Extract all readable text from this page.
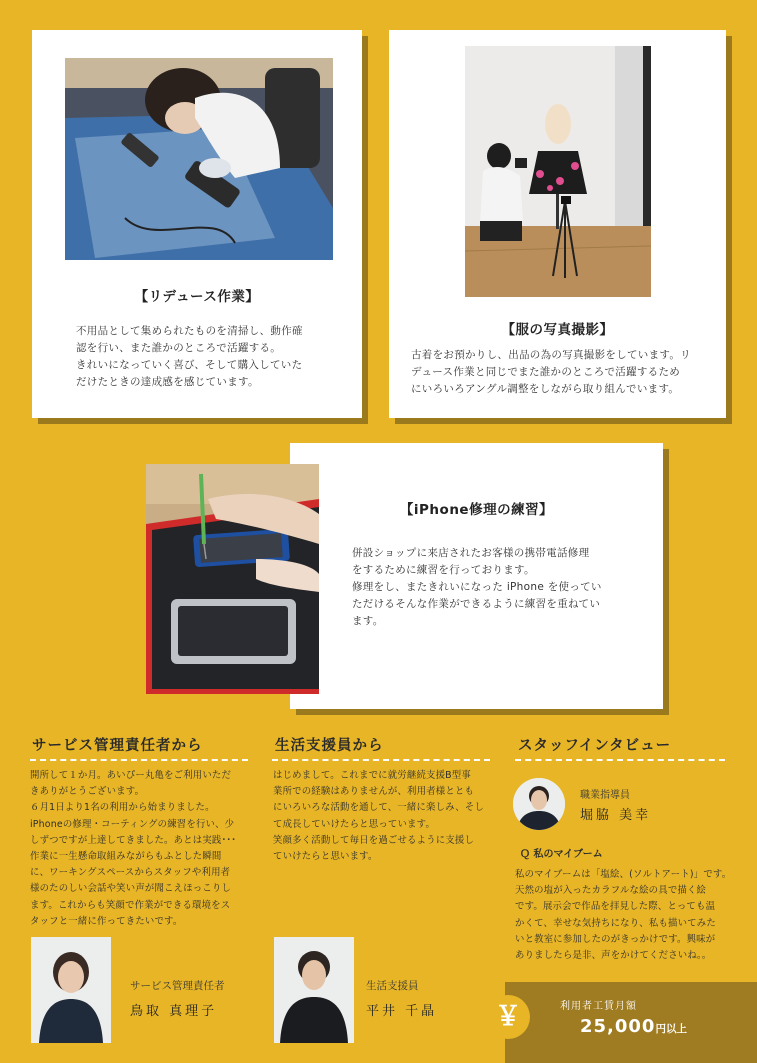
【リデュース作業】
不用品として集められたものを清掃し、動作確
認を行い、また誰かのところで活躍する。
きれいになっていく喜び、そして購入していた
だけたときの達成感を感じています。
【服の写真撮影】
古着をお預かりし、出品の為の写真撮影をしています。リ
デュース作業と同じでまた誰かのところで活躍するため
にいろいろアングル調整をしながら取り組んでいます。
【iPhone修理の練習】
併設ショップに来店されたお客様の携帯電話修理
をするために練習を行っております。
修理をし、またきれいになった iPhone を使ってい
ただけるそんな作業ができるように練習を重ねてい
ます。
サービス管理責任者から
開所して１か月。あいぴー丸亀をご利用いただ
きありがとうございます。
６月1日より1名の利用から始まりました。
iPhoneの修理・コーティングの練習を行い、少
しずつですが上達してきました。あとは実践･･･
作業に一生懸命取組みながらもふとした瞬間
に、ワーキングスペースからスタッフや利用者
様のたのしい会話や笑い声が聞こえほっこりし
ます。これからも笑顔で作業ができる環境をス
タッフと一緒に作ってきたいです。
サービス管理責任者
鳥取 真理子
生活支援員から
はじめまして。これまでに就労継続支援B型事
業所での経験はありませんが、利用者様ととも
にいろいろな活動を通して、一緒に楽しみ、そし
て成長していけたらと思っています。
笑顔多く活動して毎日を過ごせるように支援し
ていけたらと思います。
生活支援員
平井 千晶
スタッフインタビュー
職業指導員
堀脇 美幸
Ｑ 私のマイブーム
私のマイブームは「塩絵、(ソルトアート)」です。
天然の塩が入ったカラフルな絵の具で描く絵
です。展示会で作品を拝見した際、とっても温
かくて、幸せな気持ちになり、私も描いてみた
いと教室に参加したのがきっかけです。興味が
ありましたら是非、声をかけてくださいね。。
￥	利用者工賃月額
25,000円以上
